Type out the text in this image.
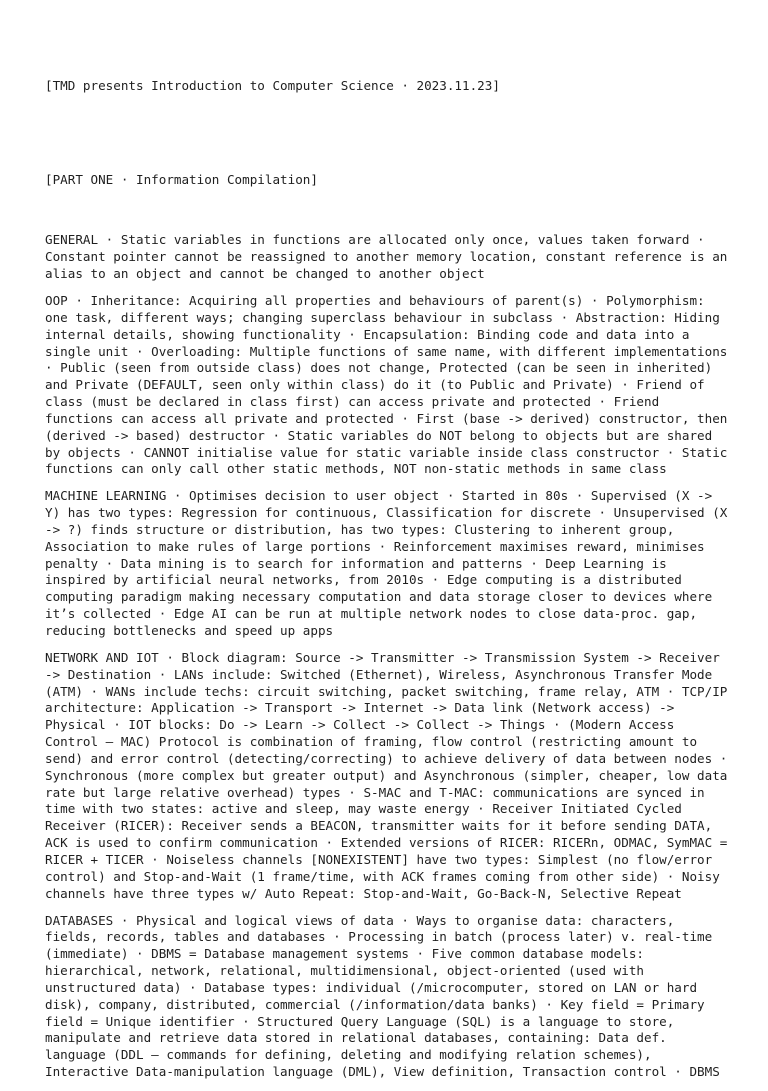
[TMD presents Introduction to Computer Science · 2023.11.23]

[PART ONE · Information Compilation]

GENERAL · Static variables in functions are allocated only once, values taken forward ·
Constant pointer cannot be reassigned to another memory location, constant reference is an
alias to an object and cannot be changed to another object
OOP · Inheritance: Acquiring all properties and behaviours of parent(s) · Polymorphism:
one task, different ways; changing superclass behaviour in subclass · Abstraction: Hiding
internal details, showing functionality · Encapsulation: Binding code and data into a
single unit · Overloading: Multiple functions of same name, with different implementations
· Public (seen from outside class) does not change, Protected (can be seen in inherited)
and Private (DEFAULT, seen only within class) do it (to Public and Private) · Friend of
class (must be declared in class first) can access private and protected · Friend
functions can access all private and protected · First (base -> derived) constructor, then
(derived -> based) destructor · Static variables do NOT belong to objects but are shared
by objects · CANNOT initialise value for static variable inside class constructor · Static
functions can only call other static methods, NOT non-static methods in same class
MACHINE LEARNING · Optimises decision to user object · Started in 80s · Supervised (X ->
Y) has two types: Regression for continuous, Classification for discrete · Unsupervised (X
-> ?) finds structure or distribution, has two types: Clustering to inherent group,
Association to make rules of large portions · Reinforcement maximises reward, minimises
penalty · Data mining is to search for information and patterns · Deep Learning is
inspired by artificial neural networks, from 2010s · Edge computing is a distributed
computing paradigm making necessary computation and data storage closer to devices where
it’s collected · Edge AI can be run at multiple network nodes to close data-proc. gap,
reducing bottlenecks and speed up apps
NETWORK AND IOT · Block diagram: Source -> Transmitter -> Transmission System -> Receiver
-> Destination · LANs include: Switched (Ethernet), Wireless, Asynchronous Transfer Mode
(ATM) · WANs include techs: circuit switching, packet switching, frame relay, ATM · TCP/IP
architecture: Application -> Transport -> Internet -> Data link (Network access) ->
Physical · IOT blocks: Do -> Learn -> Collect -> Collect -> Things · (Modern Access
Control – MAC) Protocol is combination of framing, flow control (restricting amount to
send) and error control (detecting/correcting) to achieve delivery of data between nodes ·
Synchronous (more complex but greater output) and Asynchronous (simpler, cheaper, low data
rate but large relative overhead) types · S-MAC and T-MAC: communications are synced in
time with two states: active and sleep, may waste energy · Receiver Initiated Cycled
Receiver (RICER): Receiver sends a BEACON, transmitter waits for it before sending DATA,
ACK is used to confirm communication · Extended versions of RICER: RICERn, ODMAC, SymMAC =
RICER + TICER · Noiseless channels [NONEXISTENT] have two types: Simplest (no flow/error
control) and Stop-and-Wait (1 frame/time, with ACK frames coming from other side) · Noisy
channels have three types w/ Auto Repeat: Stop-and-Wait, Go-Back-N, Selective Repeat
DATABASES · Physical and logical views of data · Ways to organise data: characters,
fields, records, tables and databases · Processing in batch (process later) v. real-time
(immediate) · DBMS = Database management systems · Five common database models:
hierarchical, network, relational, multidimensional, object-oriented (used with
unstructured data) · Database types: individual (/microcomputer, stored on LAN or hard
disk), company, distributed, commercial (/information/data banks) · Key field = Primary
field = Unique identifier · Structured Query Language (SQL) is a language to store,
manipulate and retrieve data stored in relational databases, containing: Data def.
language (DDL – commands for defining, deleting and modifying relation schemes),
Interactive Data-manipulation language (DML), View definition, Transaction control · DBMS
